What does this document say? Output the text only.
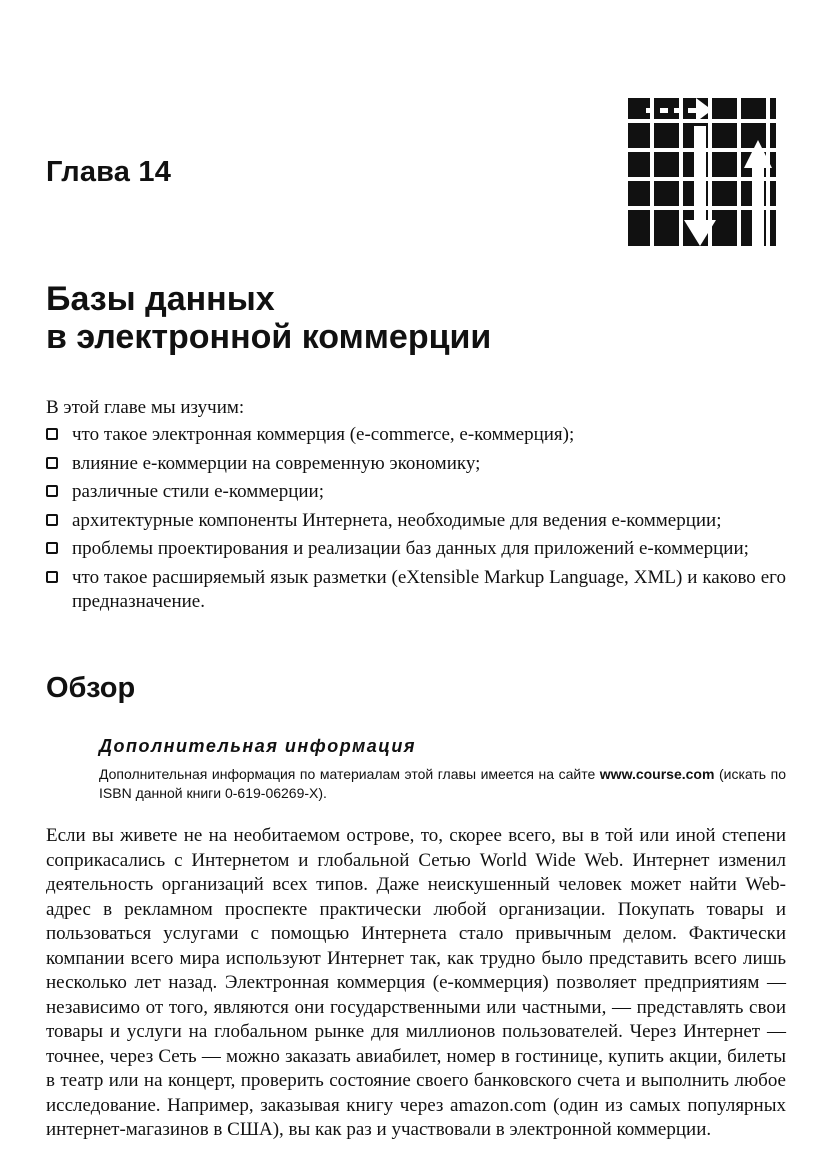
Глава 14
Базы данных
в электронной коммерции
В этой главе мы изучим:
что такое электронная коммерция (e-commerce, е-коммерция);
влияние е-коммерции на современную экономику;
различные стили е-коммерции;
архитектурные компоненты Интернета, необходимые для ведения е-коммерции;
проблемы проектирования и реализации баз данных для приложений е-коммерции;
что такое расширяемый язык разметки (eXtensible Markup Language, XML) и каково его предназначение.
Обзор
Дополнительная информация
Дополнительная информация по материалам этой главы имеется на сайте www.course.com (искать по ISBN данной книги 0-619-06269-X).

Если вы живете не на необитаемом острове, то, скорее всего, вы в той или иной степени соприкасались с Интернетом и глобальной Сетью World Wide Web. Интернет изменил деятельность организаций всех типов. Даже неискушенный человек может найти Web-адрес в рекламном проспекте практически любой организации. Покупать товары и пользоваться услугами с помощью Интернета стало привычным делом. Фактически компании всего мира используют Интернет так, как трудно было представить всего лишь несколько лет назад. Электронная коммерция (е-коммерция) позволяет предприятиям — независимо от того, являются они государственными или частными, — представлять свои товары и услуги на глобальном рынке для миллионов пользователей. Через Интернет — точнее, через Сеть — можно заказать авиабилет, номер в гостинице, купить акции, билеты в театр или на концерт, проверить состояние своего банковского счета и выполнить любое исследование. Например, заказывая книгу через amazon.com (один из самых популярных интернет-магазинов в США), вы как раз и участвовали в электронной коммерции.
